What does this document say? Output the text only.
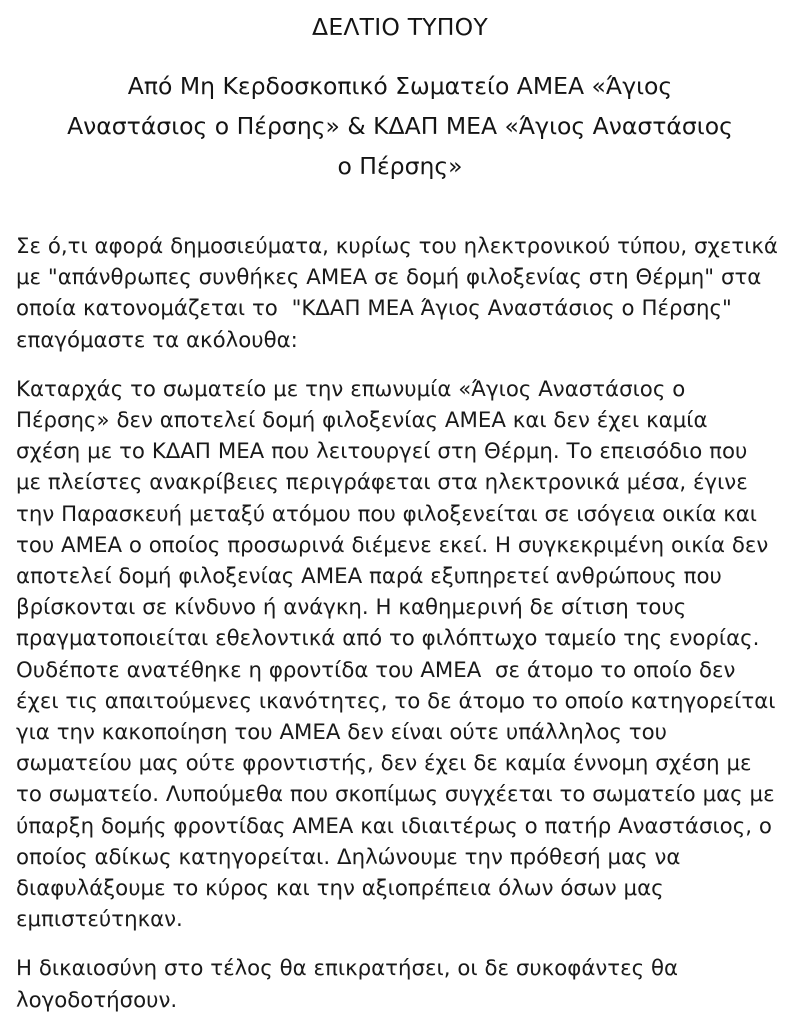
ΔΕΛΤΙΟ ΤΥΠΟΥ
Από Μη Κερδοσκοπικό Σωματείο ΑΜΕΑ «Άγιος Αναστάσιος ο Πέρσης» & ΚΔΑΠ ΜΕΑ «Άγιος Αναστάσιος ο Πέρσης»

Σε ό,τι αφορά δημοσιεύματα, κυρίως του ηλεκτρονικού τύπου, σχετικά με "απάνθρωπες συνθήκες ΑΜΕΑ σε δομή φιλοξενίας στη Θέρμη" στα οποία κατονομάζεται το  "ΚΔΑΠ ΜΕΑ Άγιος Αναστάσιος ο Πέρσης" επαγόμαστε τα ακόλουθα:

Καταρχάς το σωματείο με την επωνυμία «Άγιος Αναστάσιος ο Πέρσης» δεν αποτελεί δομή φιλοξενίας ΑΜΕΑ και δεν έχει καμία σχέση με το ΚΔΑΠ ΜΕΑ που λειτουργεί στη Θέρμη. Το επεισόδιο που με πλείστες ανακρίβειες περιγράφεται στα ηλεκτρονικά μέσα, έγινε την Παρασκευή μεταξύ ατόμου που φιλοξενείται σε ισόγεια οικία και του ΑΜΕΑ ο οποίος προσωρινά διέμενε εκεί. Η συγκεκριμένη οικία δεν αποτελεί δομή φιλοξενίας ΑΜΕΑ παρά εξυπηρετεί ανθρώπους που βρίσκονται σε κίνδυνο ή ανάγκη. Η καθημερινή δε σίτιση τους πραγματοποιείται εθελοντικά από το φιλόπτωχο ταμείο της ενορίας. Ουδέποτε ανατέθηκε η φροντίδα του ΑΜΕΑ  σε άτομο το οποίο δεν έχει τις απαιτούμενες ικανότητες, το δε άτομο το οποίο κατηγορείται για την κακοποίηση του ΑΜΕΑ δεν είναι ούτε υπάλληλος του σωματείου μας ούτε φροντιστής, δεν έχει δε καμία έννομη σχέση με το σωματείο. Λυπούμεθα που σκοπίμως συγχέεται το σωματείο μας με ύπαρξη δομής φροντίδας ΑΜΕΑ και ιδιαιτέρως ο πατήρ Αναστάσιος, ο οποίος αδίκως κατηγορείται. Δηλώνουμε την πρόθεσή μας να διαφυλάξουμε το κύρος και την αξιοπρέπεια όλων όσων μας εμπιστεύτηκαν.

Η δικαιοσύνη στο τέλος θα επικρατήσει, οι δε συκοφάντες θα λογοδοτήσουν.
